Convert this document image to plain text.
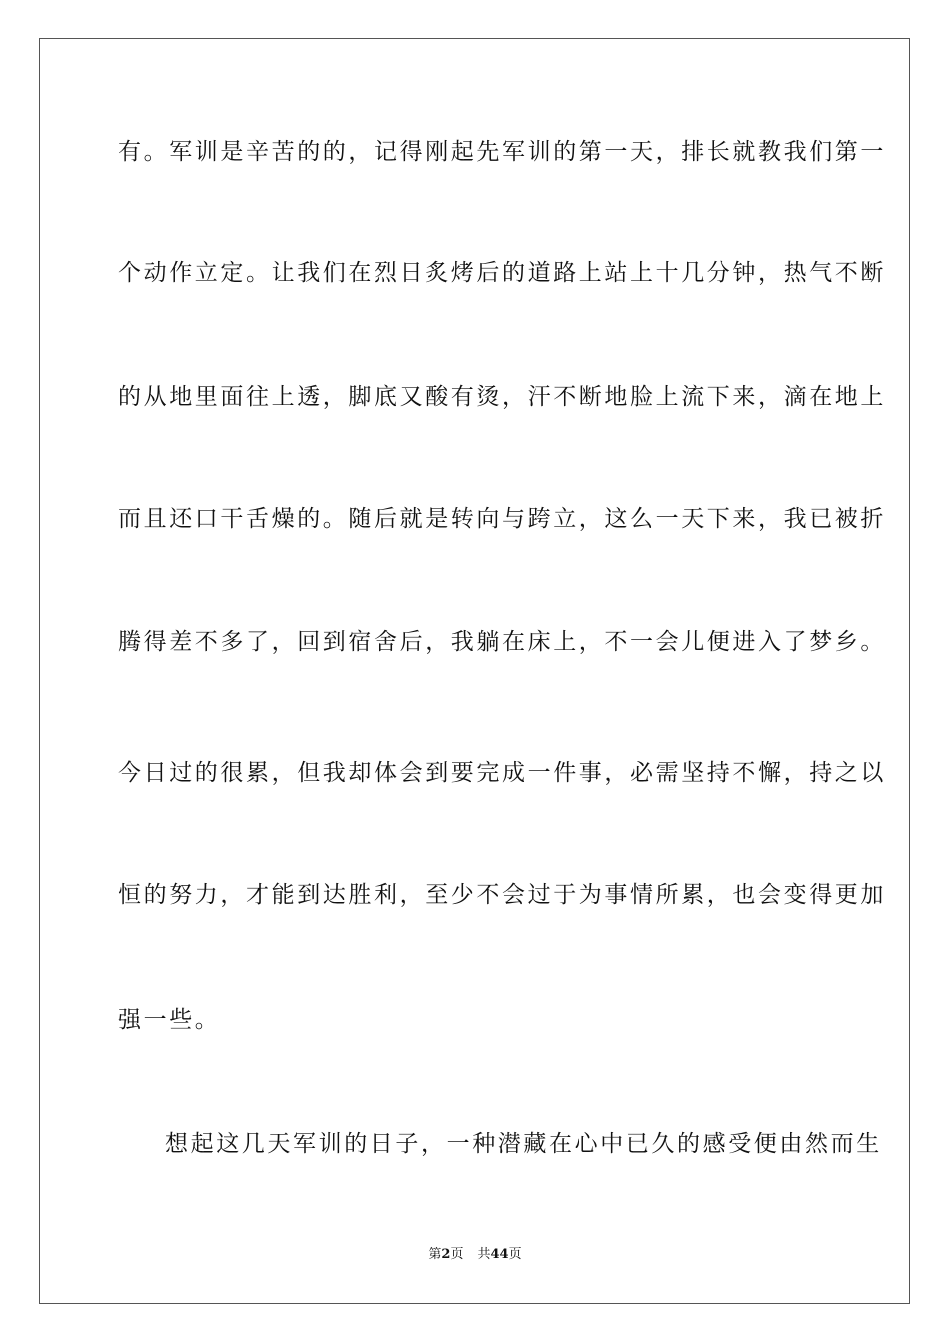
有。军训是辛苦的的，记得刚起先军训的第一天，排长就教我们第一
个动作立定。让我们在烈日炙烤后的道路上站上十几分钟，热气不断
的从地里面往上透，脚底又酸有烫，汗不断地脸上流下来，滴在地上
而且还口干舌燥的。随后就是转向与跨立，这么一天下来，我已被折
腾得差不多了，回到宿舍后，我躺在床上，不一会儿便进入了梦乡。
今日过的很累，但我却体会到要完成一件事，必需坚持不懈，持之以
恒的努力，才能到达胜利，至少不会过于为事情所累，也会变得更加
强一些。
想起这几天军训的日子，一种潜藏在心中已久的感受便由然而生
第2页 共44页
